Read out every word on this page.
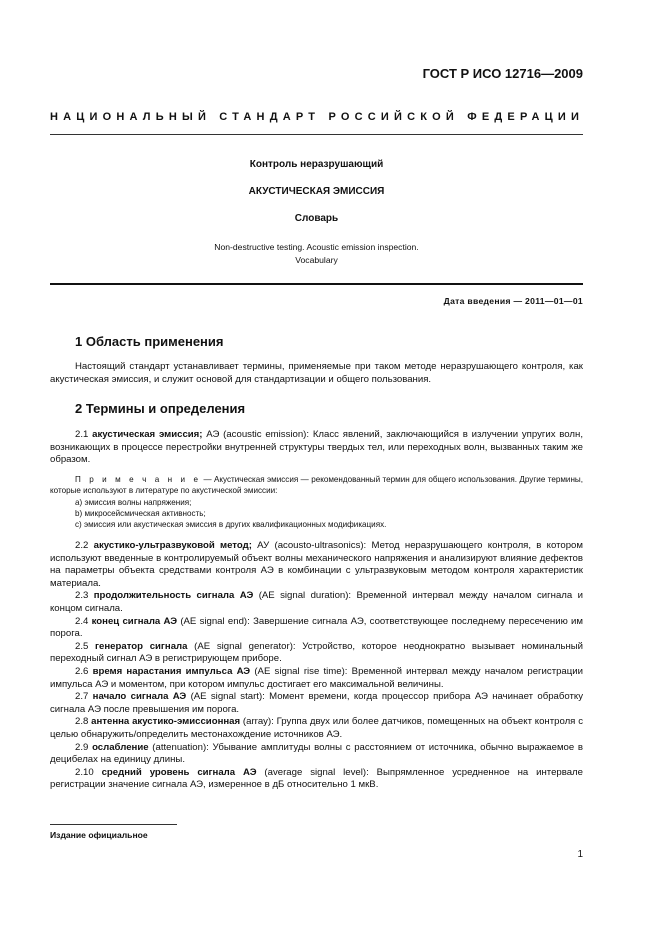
ГОСТ Р ИСО 12716—2009
НАЦИОНАЛЬНЫЙ СТАНДАРТ РОССИЙСКОЙ ФЕДЕРАЦИИ
Контроль неразрушающий
АКУСТИЧЕСКАЯ ЭМИССИЯ
Словарь
Non-destructive testing. Acoustic emission inspection.
Vocabulary
Дата введения — 2011—01—01
1 Область применения

Настоящий стандарт устанавливает термины, применяемые при таком методе неразрушающего контроля, как акустическая эмиссия, и служит основой для стандартизации и общего пользования.

2 Термины и определения

2.1 акустическая эмиссия; АЭ (acoustic emission): Класс явлений, заключающийся в излучении упругих волн, возникающих в процессе перестройки внутренней структуры твердых тел, или переходных волн, вызванных таким же образом.

П р и м е ч а н и е — Акустическая эмиссия — рекомендованный термин для общего использования. Другие термины, которые используют в литературе по акустической эмиссии:

а) эмиссия волны напряжения;

b) микросейсмическая активность;

c) эмиссия или акустическая эмиссия в других квалификационных модификациях.

2.2 акустико-ультразвуковой метод; АУ (acousto-ultrasonics): Метод неразрушающего контроля, в котором используют введенные в контролируемый объект волны механического напряжения и анализируют влияние дефектов на параметры объекта средствами контроля АЭ в комбинации с ультразвуковым методом контроля характеристик материала.

2.3 продолжительность сигнала АЭ (AE signal duration): Временной интервал между началом сигнала и концом сигнала.

2.4 конец сигнала АЭ (AE signal end): Завершение сигнала АЭ, соответствующее последнему пересечению им порога.

2.5 генератор сигнала (AE signal generator): Устройство, которое неоднократно вызывает номинальный переходный сигнал АЭ в регистрирующем приборе.

2.6 время нарастания импульса АЭ (AE signal rise time): Временной интервал между началом регистрации импульса АЭ и моментом, при котором импульс достигает его максимальной величины.

2.7 начало сигнала АЭ (AE signal start): Момент времени, когда процессор прибора АЭ начинает обработку сигнала АЭ после превышения им порога.

2.8 антенна акустико-эмиссионная (array): Группа двух или более датчиков, помещенных на объект контроля с целью обнаружить/определить местонахождение источников АЭ.

2.9 ослабление (attenuation): Убывание амплитуды волны с расстоянием от источника, обычно выражаемое в децибелах на единицу длины.

2.10 средний уровень сигнала АЭ (average signal level): Выпрямленное усредненное на интервале регистрации значение сигнала АЭ, измеренное в дБ относительно 1 мкВ.

Издание официальное
1
